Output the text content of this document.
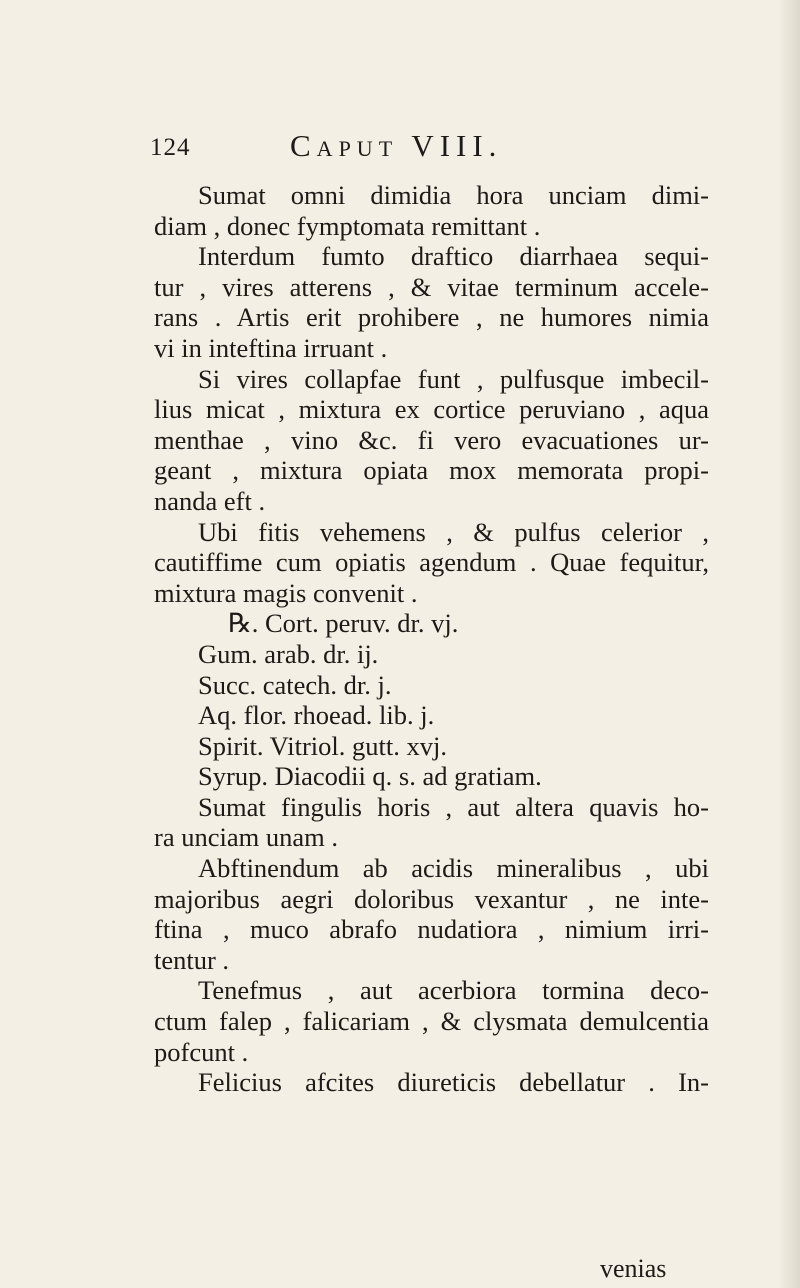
124	Caput VIII.
Sumat omni dimidia hora unciam dimi-
diam , donec fymptomata remittant .
Interdum fumto draftico diarrhaea sequi-
tur , vires atterens , & vitae terminum accele-
rans . Artis erit prohibere , ne humores nimia
vi in inteftina irruant .
Si vires collapfae funt , pulfusque imbecil-
lius micat , mixtura ex cortice peruviano , aqua
menthae , vino &c. fi vero evacuationes ur-
geant , mixtura opiata mox memorata propi-
nanda eft .
Ubi fitis vehemens , & pulfus celerior ,
cautiffime cum opiatis agendum . Quae fequitur,
mixtura magis convenit .
℞. Cort. peruv. dr. vj.
Gum. arab. dr. ij.
Succ. catech. dr. j.
Aq. flor. rhoead. lib. j.
Spirit. Vitriol. gutt. xvj.
Syrup. Diacodii q. s. ad gratiam.
Sumat fingulis horis , aut altera quavis ho-
ra unciam unam .
Abftinendum ab acidis mineralibus , ubi
majoribus aegri doloribus vexantur , ne inte-
ftina , muco abrafo nudatiora , nimium irri-
tentur .
Tenefmus , aut acerbiora tormina deco-
ctum falep , falicariam , & clysmata demulcentia
pofcunt .
Felicius afcites diureticis debellatur . In-
venias
